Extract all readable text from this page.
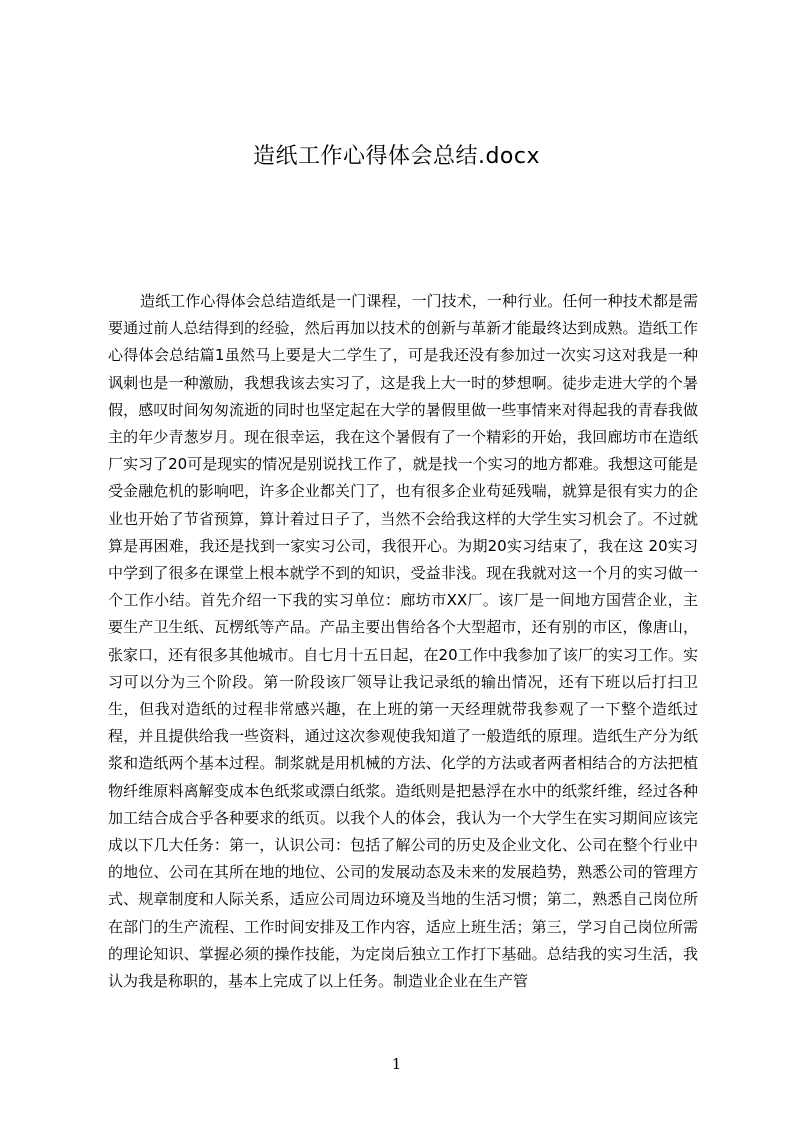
造纸工作心得体会总结.docx

造纸工作心得体会总结造纸是一门课程，一门技术，一种行业。任何一种技术都是需要通过前人总结得到的经验，然后再加以技术的创新与革新才能最终达到成熟。造纸工作心得体会总结篇1虽然马上要是大二学生了，可是我还没有参加过一次实习这对我是一种讽刺也是一种激励，我想我该去实习了，这是我上大一时的梦想啊。徒步走进大学的个暑假，感叹时间匆匆流逝的同时也坚定起在大学的暑假里做一些事情来对得起我的青春我做主的年少青葱岁月。现在很幸运，我在这个暑假有了一个精彩的开始，我回廊坊市在造纸厂实习了20可是现实的情况是别说找工作了，就是找一个实习的地方都难。我想这可能是受金融危机的影响吧，许多企业都关门了，也有很多企业苟延残喘，就算是很有实力的企业也开始了节省预算，算计着过日子了，当然不会给我这样的大学生实习机会了。不过就算是再困难，我还是找到一家实习公司，我很开心。为期20实习结束了，我在这 20实习中学到了很多在课堂上根本就学不到的知识，受益非浅。现在我就对这一个月的实习做一个工作小结。首先介绍一下我的实习单位：廊坊市XX厂。该厂是一间地方国营企业，主要生产卫生纸、瓦楞纸等产品。产品主要出售给各个大型超市，还有别的市区，像唐山，张家口，还有很多其他城市。自七月十五日起，在20工作中我参加了该厂的实习工作。实习可以分为三个阶段。第一阶段该厂领导让我记录纸的输出情况，还有下班以后打扫卫生，但我对造纸的过程非常感兴趣，在上班的第一天经理就带我参观了一下整个造纸过程，并且提供给我一些资料，通过这次参观使我知道了一般造纸的原理。造纸生产分为纸浆和造纸两个基本过程。制浆就是用机械的方法、化学的方法或者两者相结合的方法把植物纤维原料离解变成本色纸浆或漂白纸浆。造纸则是把悬浮在水中的纸浆纤维，经过各种加工结合成合乎各种要求的纸页。以我个人的体会，我认为一个大学生在实习期间应该完成以下几大任务：第一，认识公司：包括了解公司的历史及企业文化、公司在整个行业中的地位、公司在其所在地的地位、公司的发展动态及未来的发展趋势，熟悉公司的管理方式、规章制度和人际关系，适应公司周边环境及当地的生活习惯；第二，熟悉自己岗位所在部门的生产流程、工作时间安排及工作内容，适应上班生活；第三，学习自己岗位所需的理论知识、掌握必须的操作技能，为定岗后独立工作打下基础。总结我的实习生活，我认为我是称职的，基本上完成了以上任务。制造业企业在生产管

1
